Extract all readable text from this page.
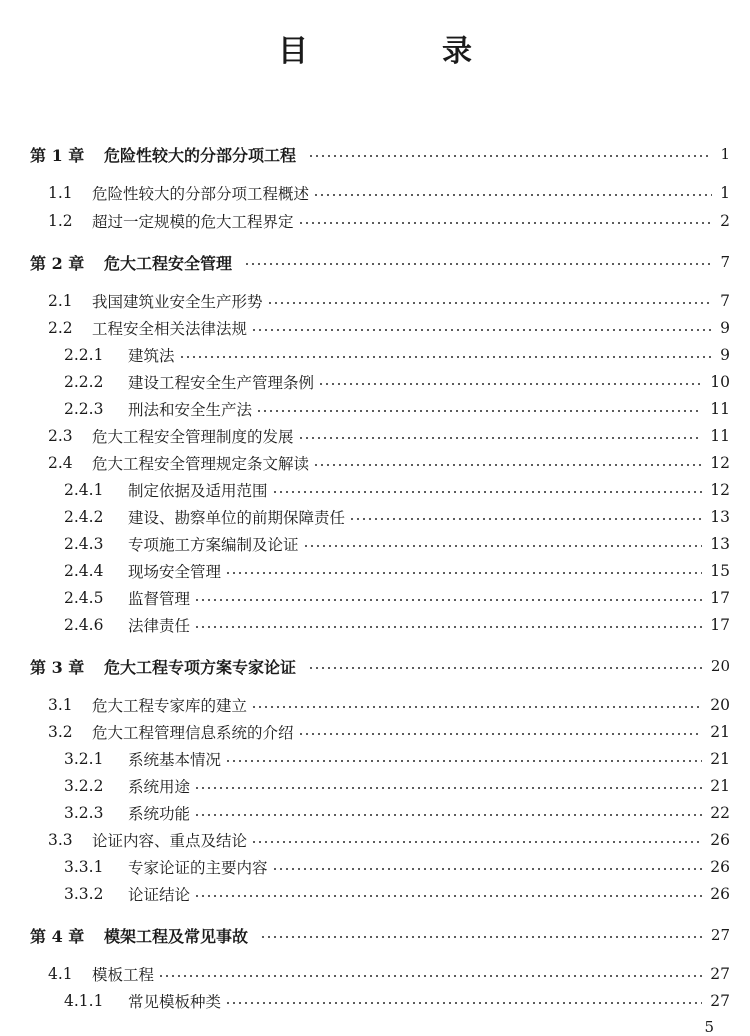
目　录
第 1 章 危险性较大的分部分项工程	1
1.1 危险性较大的分部分项工程概述	1
1.2 超过一定规模的危大工程界定	2
第 2 章 危大工程安全管理	7
2.1 我国建筑业安全生产形势	7
2.2 工程安全相关法律法规	9
2.2.1 建筑法	9
2.2.2 建设工程安全生产管理条例	10
2.2.3 刑法和安全生产法	11
2.3 危大工程安全管理制度的发展	11
2.4 危大工程安全管理规定条文解读	12
2.4.1 制定依据及适用范围	12
2.4.2 建设、勘察单位的前期保障责任	13
2.4.3 专项施工方案编制及论证	13
2.4.4 现场安全管理	15
2.4.5 监督管理	17
2.4.6 法律责任	17
第 3 章 危大工程专项方案专家论证	20
3.1 危大工程专家库的建立	20
3.2 危大工程管理信息系统的介绍	21
3.2.1 系统基本情况	21
3.2.2 系统用途	21
3.2.3 系统功能	22
3.3 论证内容、重点及结论	26
3.3.1 专家论证的主要内容	26
3.3.2 论证结论	26
第 4 章 模架工程及常见事故	27
4.1 模板工程	27
4.1.1 常见模板种类	27
5
